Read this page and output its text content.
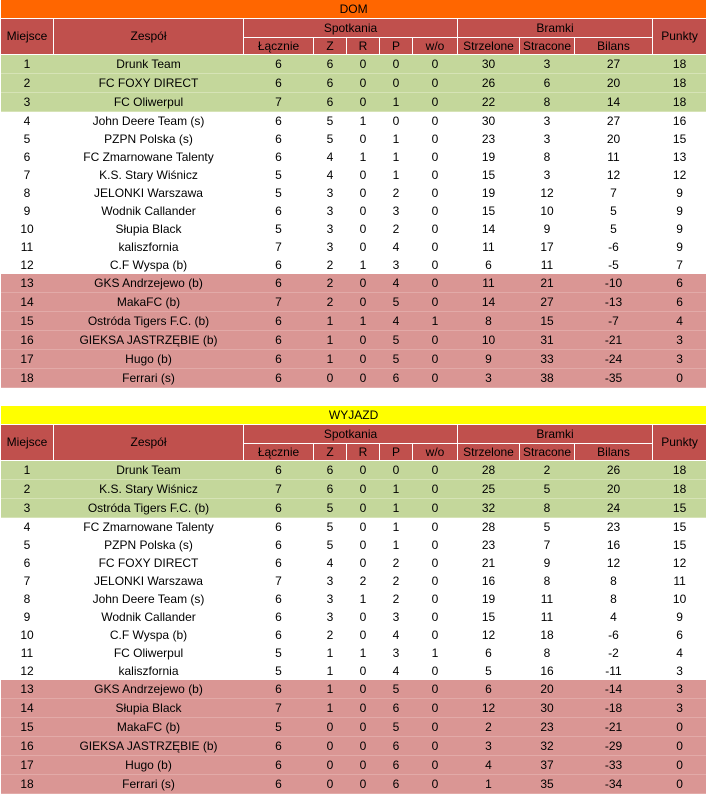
DOM										
Miejsce	Zespół	Spotkania					Bramki			Punkty
		Łącznie	Z	R	P	w/o	Strzelone	Stracone	Bilans	
1	Drunk Team	6	6	0	0	0	30	3	27	18
2	FC FOXY DIRECT	6	6	0	0	0	26	6	20	18
3	FC Oliwerpul	7	6	0	1	0	22	8	14	18
4	John Deere Team (s)	6	5	1	0	0	30	3	27	16
5	PZPN Polska (s)	6	5	0	1	0	23	3	20	15
6	FC Zmarnowane Talenty	6	4	1	1	0	19	8	11	13
7	K.S. Stary Wiśnicz	5	4	0	1	0	15	3	12	12
8	JELONKI Warszawa	5	3	0	2	0	19	12	7	9
9	Wodnik Callander	6	3	0	3	0	15	10	5	9
10	Słupia Black	5	3	0	2	0	14	9	5	9
11	kaliszfornia	7	3	0	4	0	11	17	-6	9
12	C.F Wyspa (b)	6	2	1	3	0	6	11	-5	7
13	GKS Andrzejewo (b)	6	2	0	4	0	11	21	-10	6
14	MakaFC (b)	7	2	0	5	0	14	27	-13	6
15	Ostróda Tigers F.C. (b)	6	1	1	4	1	8	15	-7	4
16	GIEKSA JASTRZĘBIE (b)	6	1	0	5	0	10	31	-21	3
17	Hugo (b)	6	1	0	5	0	9	33	-24	3
18	Ferrari (s)	6	0	0	6	0	3	38	-35	0

WYJAZD										
Miejsce	Zespół	Spotkania					Bramki			Punkty
		Łącznie	Z	R	P	w/o	Strzelone	Stracone	Bilans	
1	Drunk Team	6	6	0	0	0	28	2	26	18
2	K.S. Stary Wiśnicz	7	6	0	1	0	25	5	20	18
3	Ostróda Tigers F.C. (b)	6	5	0	1	0	32	8	24	15
4	FC Zmarnowane Talenty	6	5	0	1	0	28	5	23	15
5	PZPN Polska (s)	6	5	0	1	0	23	7	16	15
6	FC FOXY DIRECT	6	4	0	2	0	21	9	12	12
7	JELONKI Warszawa	7	3	2	2	0	16	8	8	11
8	John Deere Team (s)	6	3	1	2	0	19	11	8	10
9	Wodnik Callander	6	3	0	3	0	15	11	4	9
10	C.F Wyspa (b)	6	2	0	4	0	12	18	-6	6
11	FC Oliwerpul	5	1	1	3	1	6	8	-2	4
12	kaliszfornia	5	1	0	4	0	5	16	-11	3
13	GKS Andrzejewo (b)	6	1	0	5	0	6	20	-14	3
14	Słupia Black	7	1	0	6	0	12	30	-18	3
15	MakaFC (b)	5	0	0	5	0	2	23	-21	0
16	GIEKSA JASTRZĘBIE (b)	6	0	0	6	0	3	32	-29	0
17	Hugo (b)	6	0	0	6	0	4	37	-33	0
18	Ferrari (s)	6	0	0	6	0	1	35	-34	0
